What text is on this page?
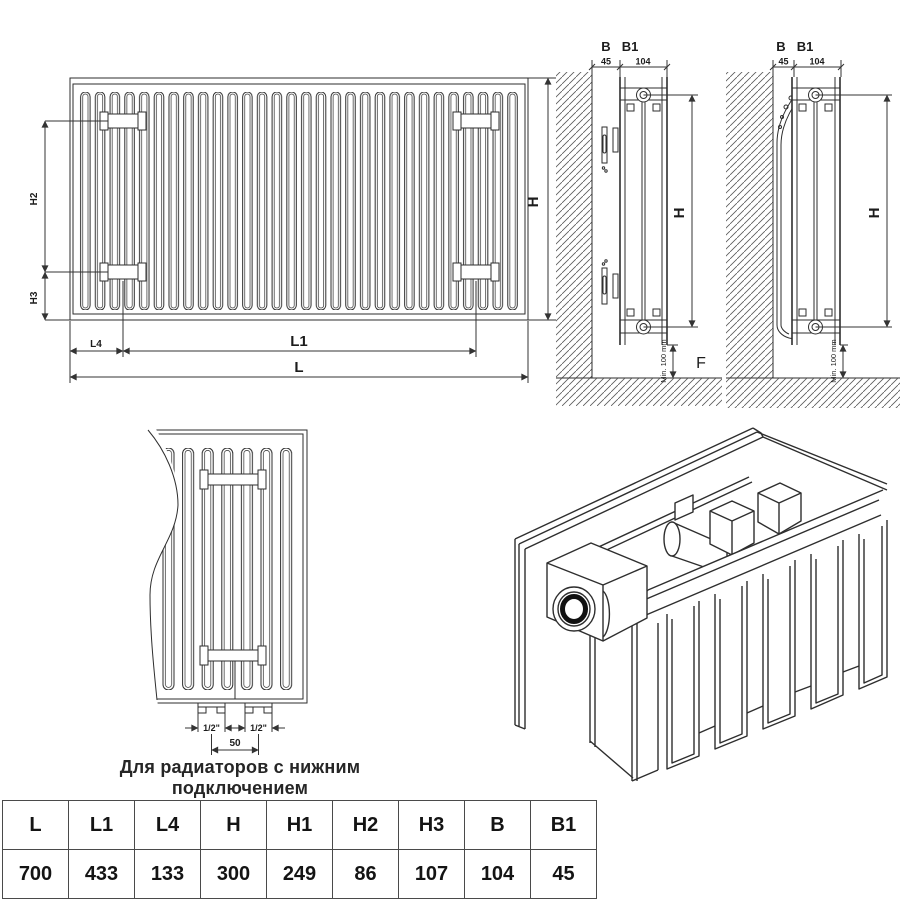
H2
H3
H
L4	L1
L
B B1
45	104
H
Min. 100 mm F
B B1
45 104
H
Min. 100 mm
1/2"	1/2"
50
Для радиаторов с нижним подключением
L	L1	L4	H	H1	H2	H3	B	B1
700	433	133	300	249	86	107	104	45
